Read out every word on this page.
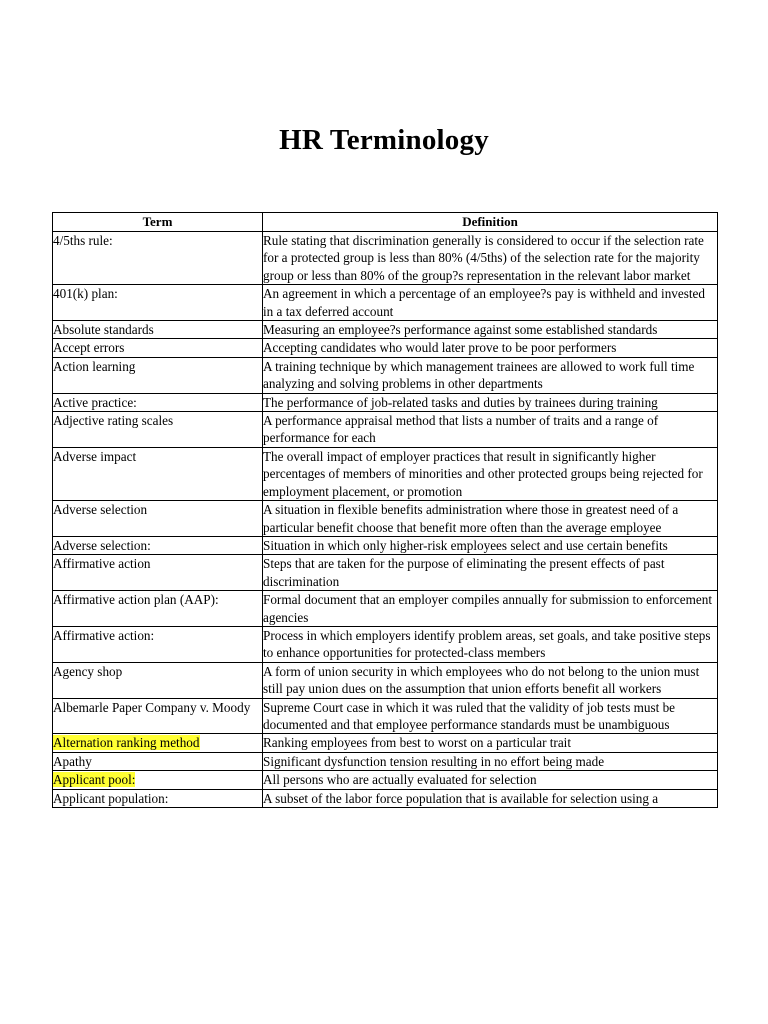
HR Terminology
Term	Definition
4/5ths rule:	Rule stating that discrimination generally is considered to occur if the selection rate for a protected group is less than 80% (4/5ths) of the selection rate for the majority group or less than 80% of the group?s representation in the relevant labor market
401(k) plan:	An agreement in which a percentage of an employee?s pay is withheld and invested in a tax deferred account
Absolute standards	Measuring an employee?s performance against some established standards
Accept errors	Accepting candidates who would later prove to be poor performers
Action learning	A training technique by which management trainees are allowed to work full time analyzing and solving problems in other departments
Active practice:	The performance of job-related tasks and duties by trainees during training
Adjective rating scales	A performance appraisal method that lists a number of traits and a range of performance for each
Adverse impact	The overall impact of employer practices that result in significantly higher percentages of members of minorities and other protected groups being rejected for employment placement, or promotion
Adverse selection	A situation in flexible benefits administration where those in greatest need of a particular benefit choose that benefit more often than the average employee
Adverse selection:	Situation in which only higher-risk employees select and use certain benefits
Affirmative action	Steps that are taken for the purpose of eliminating the present effects of past discrimination
Affirmative action plan (AAP):	Formal document that an employer compiles annually for submission to enforcement agencies
Affirmative action:	Process in which employers identify problem areas, set goals, and take positive steps to enhance opportunities for protected-class members
Agency shop	A form of union security in which employees who do not belong to the union must still pay union dues on the assumption that union efforts benefit all workers
Albemarle Paper Company v. Moody	Supreme Court case in which it was ruled that the validity of job tests must be documented and that employee performance standards must be unambiguous
Alternation ranking method	Ranking employees from best to worst on a particular trait
Apathy	Significant dysfunction tension resulting in no effort being made
Applicant pool:	All persons who are actually evaluated for selection
Applicant population:	A subset of the labor force population that is available for selection using a
